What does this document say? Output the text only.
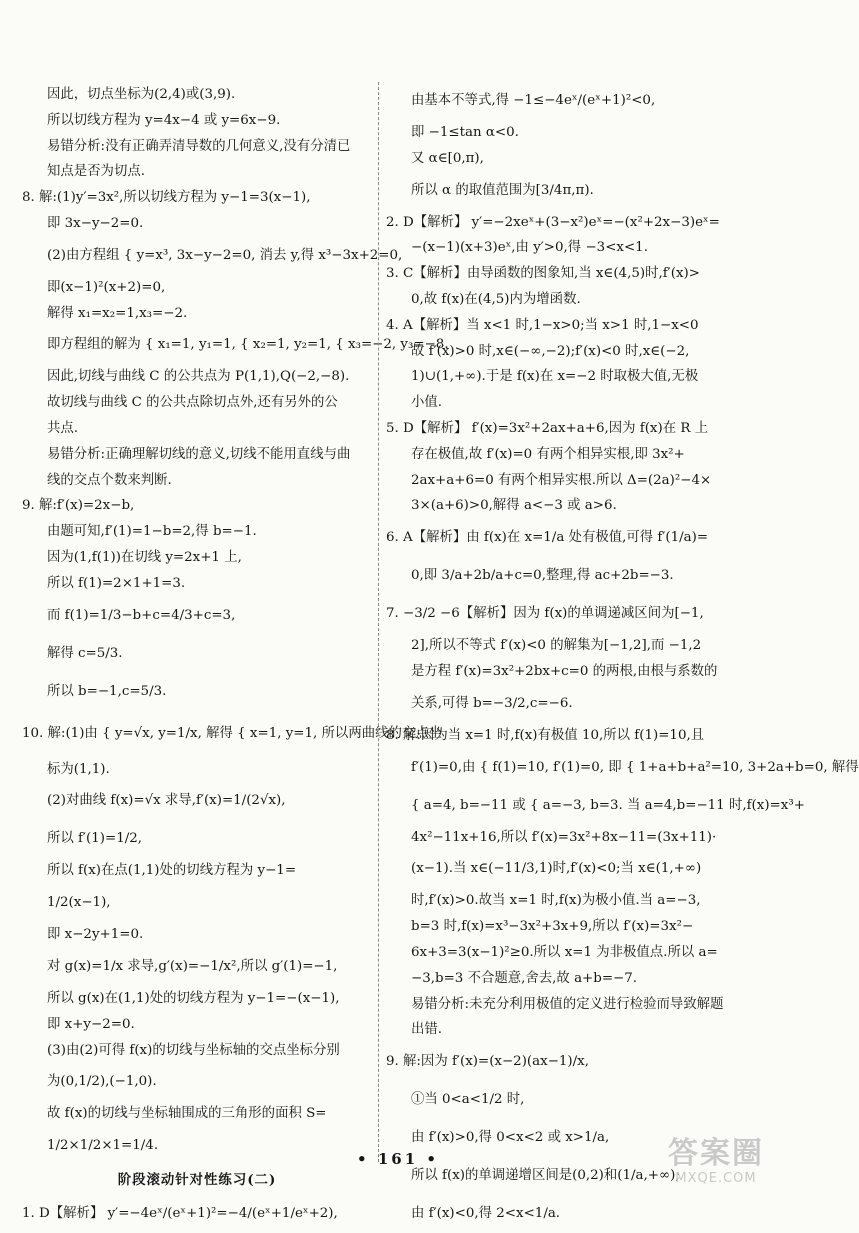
因此，切点坐标为(2,4)或(3,9).
所以切线方程为 y=4x−4 或 y=6x−9.
易错分析:没有正确弄清导数的几何意义,没有分清已
知点是否为切点.
8. 解:(1)y′=3x²,所以切线方程为 y−1=3(x−1),
即 3x−y−2=0.
(2)由方程组 { y=x³, 3x−y−2=0, 消去 y,得 x³−3x+2=0,
即(x−1)²(x+2)=0,
解得 x₁=x₂=1,x₃=−2.
即方程组的解为 { x₁=1, y₁=1, { x₂=1, y₂=1, { x₃=−2, y₃=−8.
因此,切线与曲线 C 的公共点为 P(1,1),Q(−2,−8).
故切线与曲线 C 的公共点除切点外,还有另外的公
共点.
易错分析:正确理解切线的意义,切线不能用直线与曲
线的交点个数来判断.
9. 解:f′(x)=2x−b,
由题可知,f′(1)=1−b=2,得 b=−1.
因为(1,f(1))在切线 y=2x+1 上,
所以 f(1)=2×1+1=3.
而 f(1)=1/3−b+c=4/3+c=3,
解得 c=5/3.
所以 b=−1,c=5/3.
10. 解:(1)由 { y=√x, y=1/x, 解得 { x=1, y=1, 所以两曲线的交点坐
标为(1,1).
(2)对曲线 f(x)=√x 求导,f′(x)=1/(2√x),
所以 f′(1)=1/2,
所以 f(x)在点(1,1)处的切线方程为 y−1=
1/2(x−1),
即 x−2y+1=0.
对 g(x)=1/x 求导,g′(x)=−1/x²,所以 g′(1)=−1,
所以 g(x)在(1,1)处的切线方程为 y−1=−(x−1),
即 x+y−2=0.
(3)由(2)可得 f(x)的切线与坐标轴的交点坐标分别
为(0,1/2),(−1,0).
故 f(x)的切线与坐标轴围成的三角形的面积 S=
1/2×1/2×1=1/4.
阶段滚动针对性练习(二)
1. D【解析】 y′=−4eˣ/(eˣ+1)²=−4/(eˣ+1/eˣ+2),
由基本不等式,得 −1≤−4eˣ/(eˣ+1)²<0,
即 −1≤tan α<0.
又 α∈[0,π),
所以 α 的取值范围为[3/4π,π).
2. D【解析】 y′=−2xeˣ+(3−x²)eˣ=−(x²+2x−3)eˣ=
−(x−1)(x+3)eˣ,由 y′>0,得 −3<x<1.
3. C【解析】由导函数的图象知,当 x∈(4,5)时,f′(x)>
0,故 f(x)在(4,5)内为增函数.
4. A【解析】当 x<1 时,1−x>0;当 x>1 时,1−x<0
故 f′(x)>0 时,x∈(−∞,−2);f′(x)<0 时,x∈(−2,
1)∪(1,+∞).于是 f(x)在 x=−2 时取极大值,无极
小值.
5. D【解析】 f′(x)=3x²+2ax+a+6,因为 f(x)在 R 上
存在极值,故 f′(x)=0 有两个相异实根,即 3x²+
2ax+a+6=0 有两个相异实根.所以 Δ=(2a)²−4×
3×(a+6)>0,解得 a<−3 或 a>6.
6. A【解析】由 f(x)在 x=1/a 处有极值,可得 f′(1/a)=
0,即 3/a+2b/a+c=0,整理,得 ac+2b=−3.
7. −3/2 −6【解析】因为 f(x)的单调递减区间为[−1,
2],所以不等式 f′(x)<0 的解集为[−1,2],而 −1,2
是方程 f′(x)=3x²+2bx+c=0 的两根,由根与系数的
关系,可得 b=−3/2,c=−6.
8. 解:因为当 x=1 时,f(x)有极值 10,所以 f(1)=10,且
f′(1)=0,由 { f(1)=10, f′(1)=0, 即 { 1+a+b+a²=10, 3+2a+b=0, 解得
{ a=4, b=−11 或 { a=−3, b=3. 当 a=4,b=−11 时,f(x)=x³+
4x²−11x+16,所以 f′(x)=3x²+8x−11=(3x+11)·
(x−1).当 x∈(−11/3,1)时,f′(x)<0;当 x∈(1,+∞)
时,f′(x)>0.故当 x=1 时,f(x)为极小值.当 a=−3,
b=3 时,f(x)=x³−3x²+3x+9,所以 f′(x)=3x²−
6x+3=3(x−1)²≥0.所以 x=1 为非极值点.所以 a=
−3,b=3 不合题意,舍去,故 a+b=−7.
易错分析:未充分利用极值的定义进行检验而导致解题
出错.
9. 解:因为 f′(x)=(x−2)(ax−1)/x,
①当 0<a<1/2 时,
由 f′(x)>0,得 0<x<2 或 x>1/a,
所以 f(x)的单调递增区间是(0,2)和(1/a,+∞);
由 f′(x)<0,得 2<x<1/a.
• 161 •	答案圈
MXQE.COM
